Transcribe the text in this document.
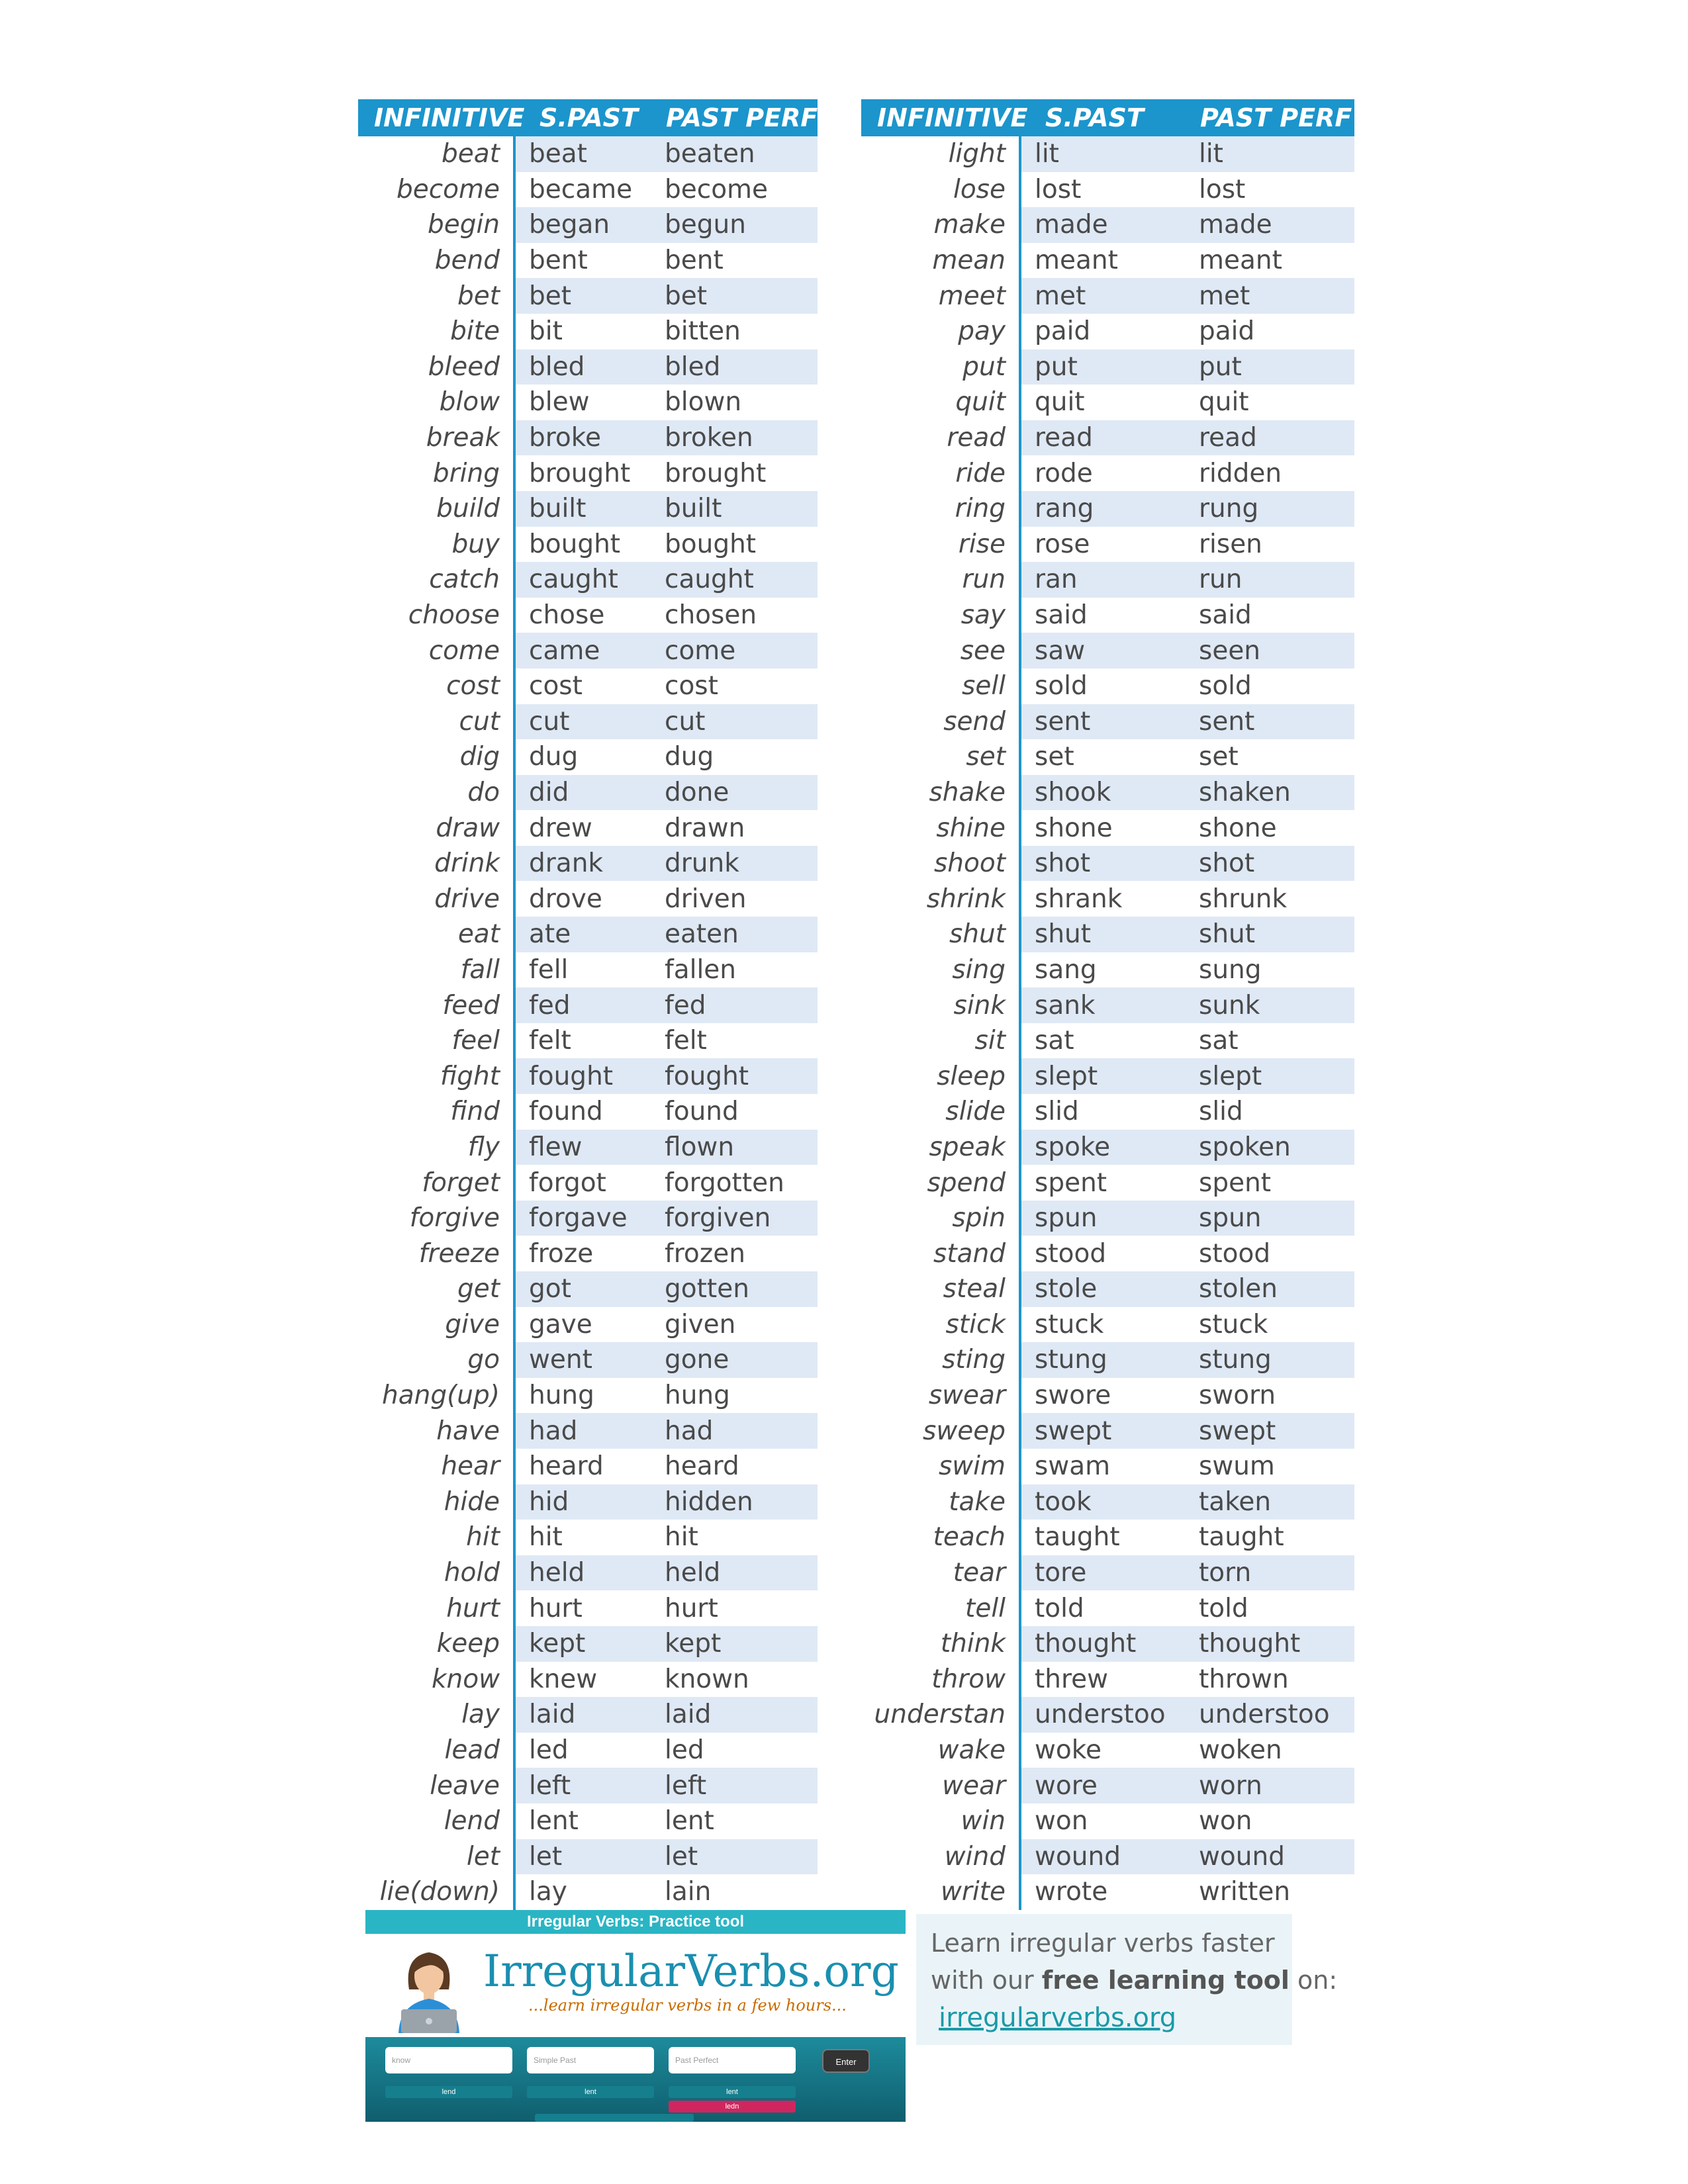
INFINITIVE	S.PAST	PAST PERF
beat	beat	beaten
become	became	become
begin	began	begun
bend	bent	bent
bet	bet	bet
bite	bit	bitten
bleed	bled	bled
blow	blew	blown
break	broke	broken
bring	brought	brought
build	built	built
buy	bought	bought
catch	caught	caught
choose	chose	chosen
come	came	come
cost	cost	cost
cut	cut	cut
dig	dug	dug
do	did	done
draw	drew	drawn
drink	drank	drunk
drive	drove	driven
eat	ate	eaten
fall	fell	fallen
feed	fed	fed
feel	felt	felt
fight	fought	fought
find	found	found
fly	flew	flown
forget	forgot	forgotten
forgive	forgave	forgiven
freeze	froze	frozen
get	got	gotten
give	gave	given
go	went	gone
hang(up)	hung	hung
have	had	had
hear	heard	heard
hide	hid	hidden
hit	hit	hit
hold	held	held
hurt	hurt	hurt
keep	kept	kept
know	knew	known
lay	laid	laid
lead	led	led
leave	left	left
lend	lent	lent
let	let	let
lie(down)	lay	lain
INFINITIVE	S.PAST	PAST PERF
light	lit	lit
lose	lost	lost
make	made	made
mean	meant	meant
meet	met	met
pay	paid	paid
put	put	put
quit	quit	quit
read	read	read
ride	rode	ridden
ring	rang	rung
rise	rose	risen
run	ran	run
say	said	said
see	saw	seen
sell	sold	sold
send	sent	sent
set	set	set
shake	shook	shaken
shine	shone	shone
shoot	shot	shot
shrink	shrank	shrunk
shut	shut	shut
sing	sang	sung
sink	sank	sunk
sit	sat	sat
sleep	slept	slept
slide	slid	slid
speak	spoke	spoken
spend	spent	spent
spin	spun	spun
stand	stood	stood
steal	stole	stolen
stick	stuck	stuck
sting	stung	stung
swear	swore	sworn
sweep	swept	swept
swim	swam	swum
take	took	taken
teach	taught	taught
tear	tore	torn
tell	told	told
think	thought	thought
throw	threw	thrown
understan	understoo	understoo
wake	woke	woken
wear	wore	worn
win	won	won
wind	wound	wound
write	wrote	written
Irregular Verbs: Practice tool
IrregularVerbs.org
...learn irregular verbs in a few hours...
know	Simple Past	Past Perfect	Enter
lend	lent	lent
ledn
Learn irregular verbs faster
with our free learning tool on:
irregularverbs.org
